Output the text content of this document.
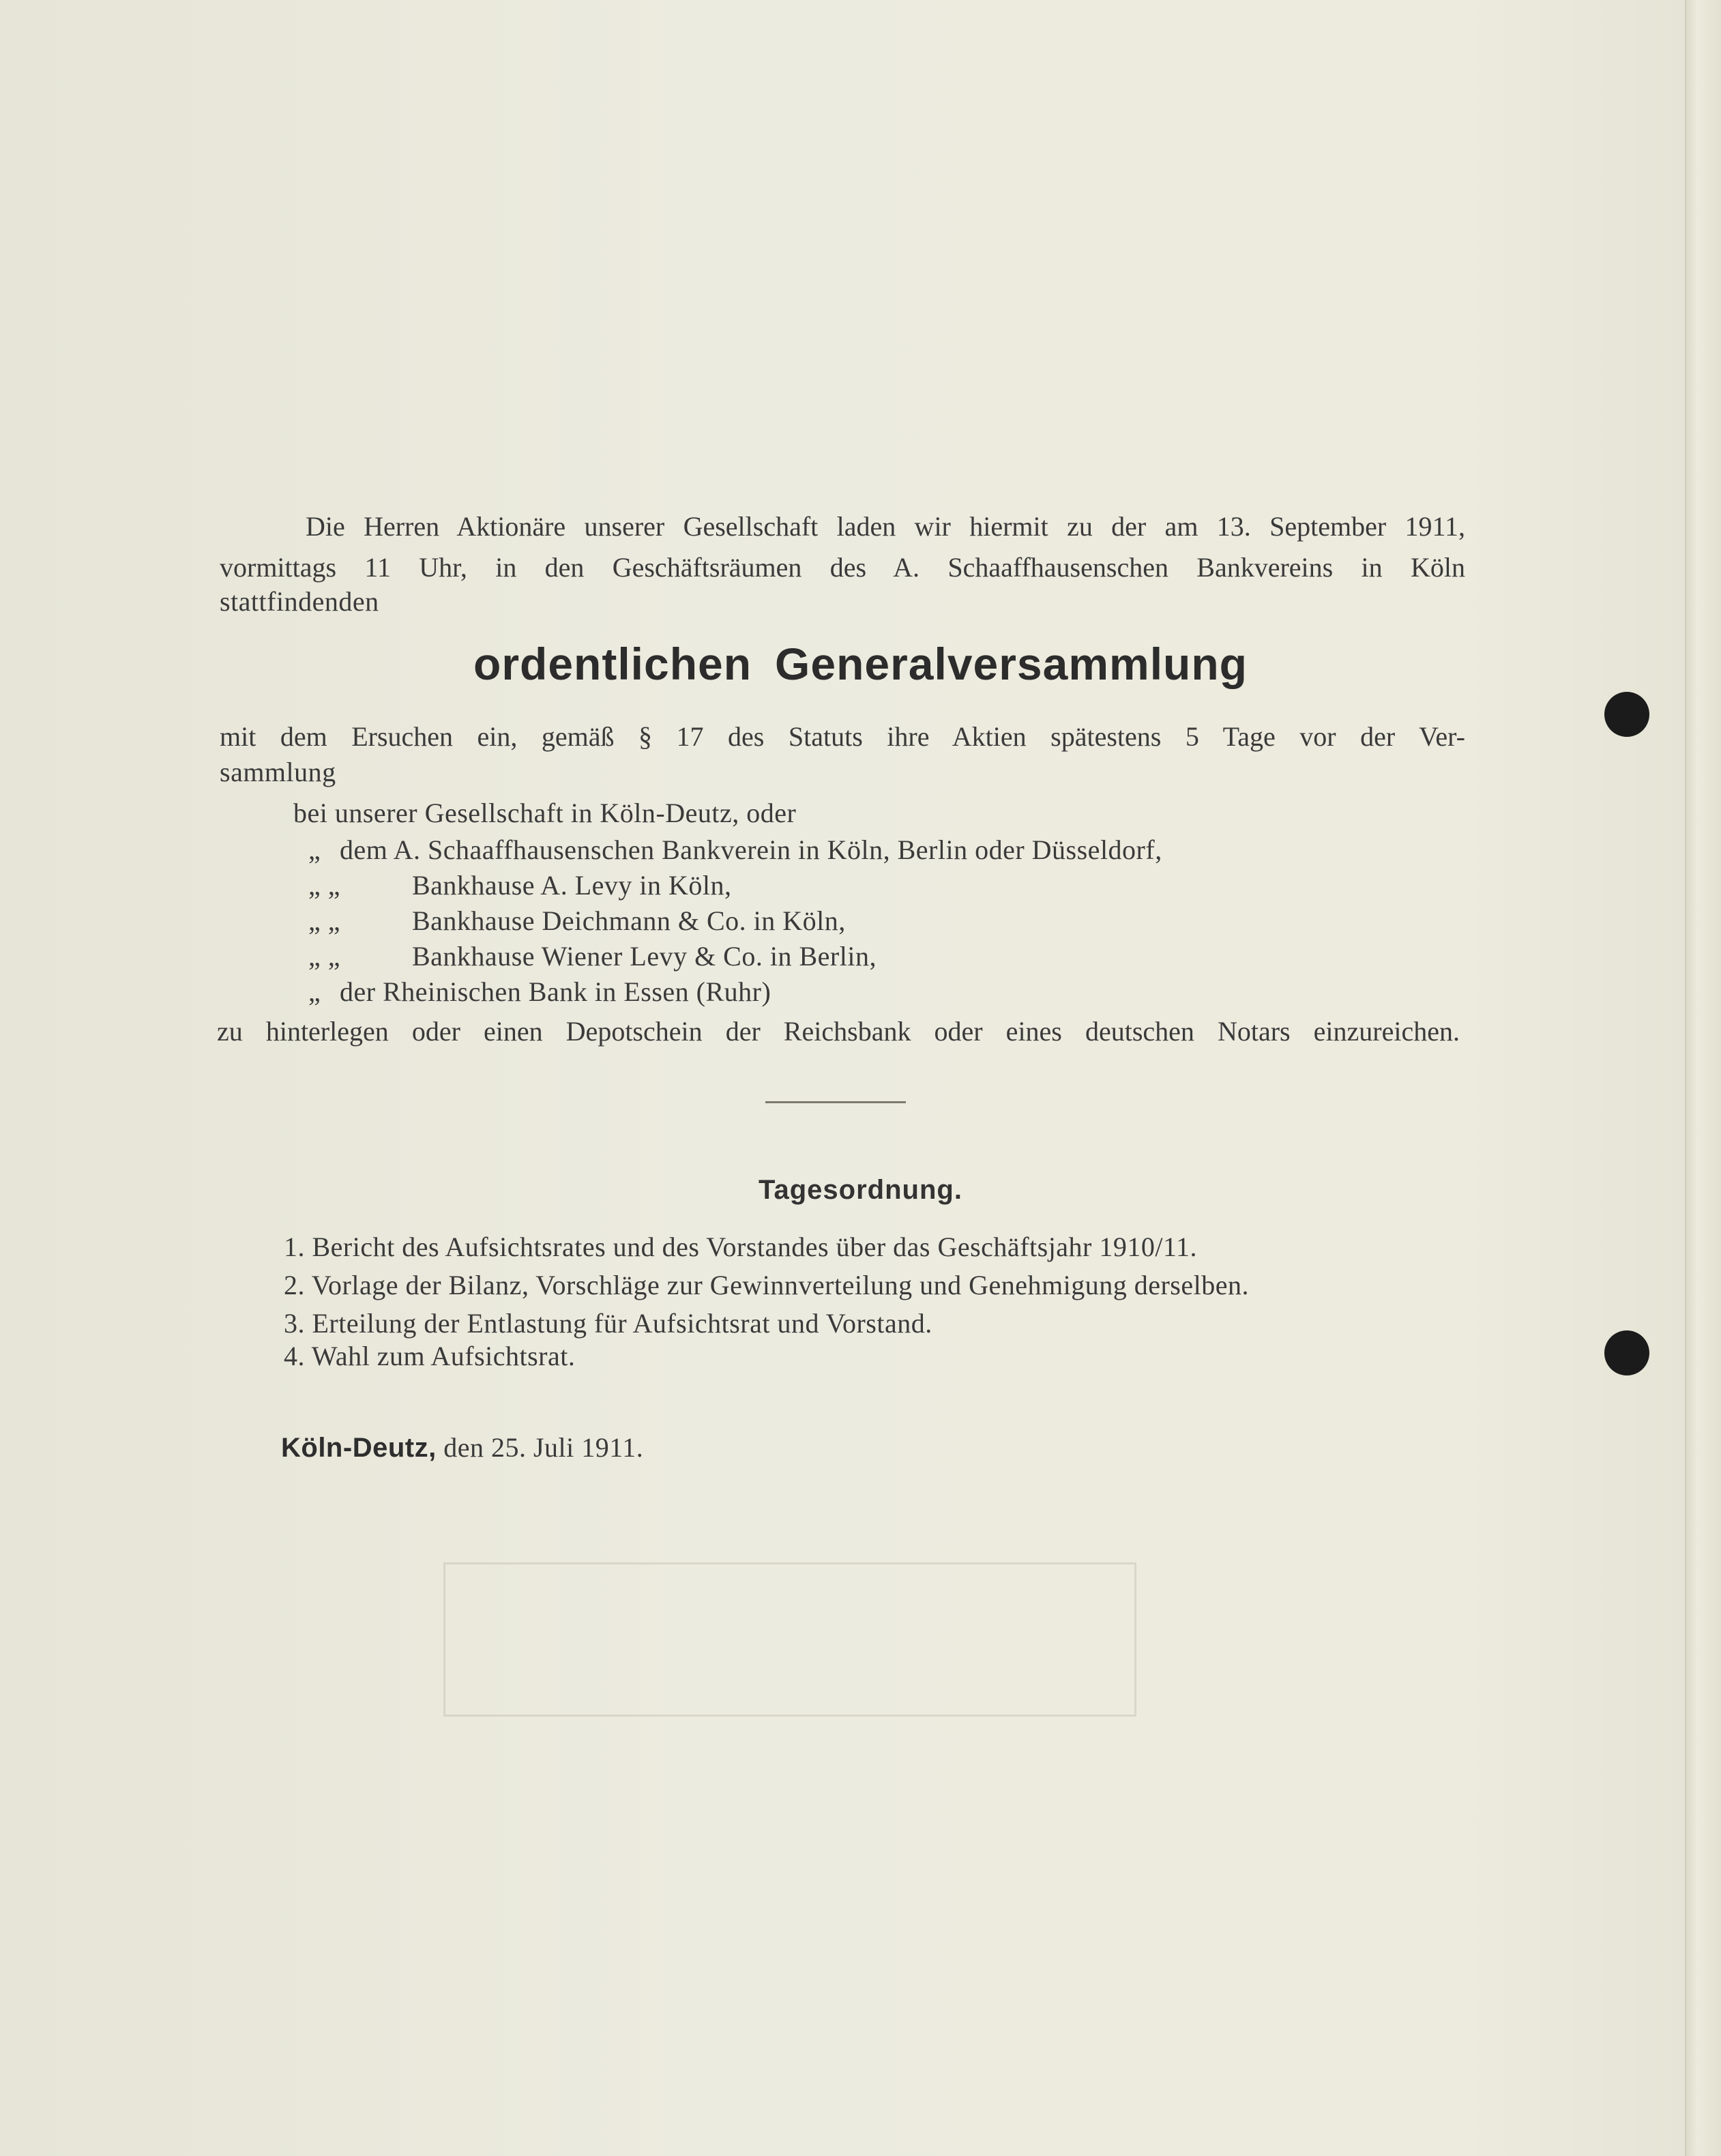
Die Herren Aktionäre unserer Gesellschaft laden wir hiermit zu der am 13. September 1911,
vormittags 11 Uhr, in den Geschäftsräumen des A. Schaaffhausenschen Bankvereins in Köln
stattfindenden
ordentlichen Generalversammlung
mit dem Ersuchen ein, gemäß § 17 des Statuts ihre Aktien spätestens 5 Tage vor der Ver-
sammlung
bei unserer Gesellschaft in Köln-Deutz, oder
„ dem A. Schaaffhausenschen Bankverein in Köln, Berlin oder Düsseldorf,
„ „	Bankhause A. Levy in Köln,
„ „	Bankhause Deichmann & Co. in Köln,
„ „	Bankhause Wiener Levy & Co. in Berlin,
„ der Rheinischen Bank in Essen (Ruhr)
zu hinterlegen oder einen Depotschein der Reichsbank oder eines deutschen Notars einzureichen.
Tagesordnung.
1. Bericht des Aufsichtsrates und des Vorstandes über das Geschäftsjahr 1910/11.
2. Vorlage der Bilanz, Vorschläge zur Gewinnverteilung und Genehmigung derselben.
3. Erteilung der Entlastung für Aufsichtsrat und Vorstand.
4. Wahl zum Aufsichtsrat.
Köln-Deutz, den 25. Juli 1911.
